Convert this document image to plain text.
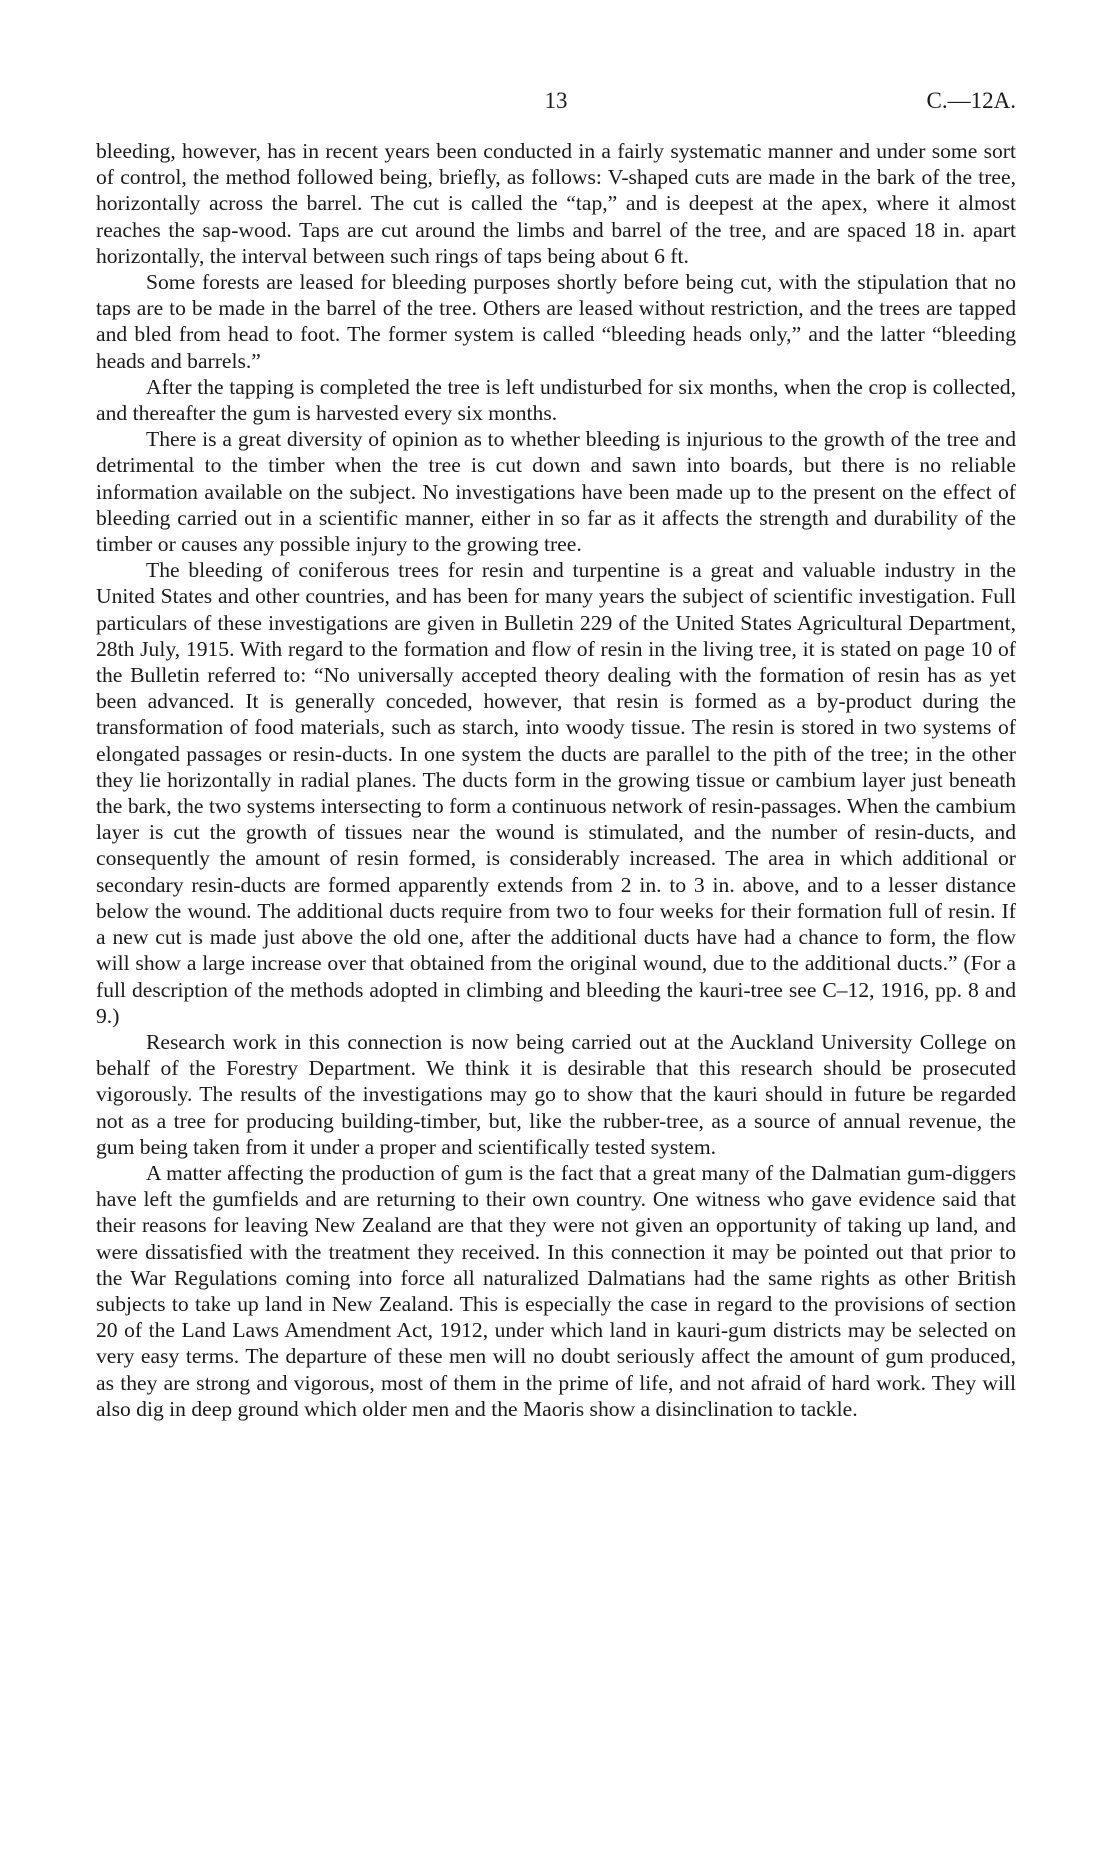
13	C.—12A.

bleeding, however, has in recent years been conducted in a fairly systematic manner and under some sort of control, the method followed being, briefly, as follows: V-shaped cuts are made in the bark of the tree, horizontally across the barrel. The cut is called the “tap,” and is deepest at the apex, where it almost reaches the sap-wood. Taps are cut around the limbs and barrel of the tree, and are spaced 18 in. apart horizontally, the interval between such rings of taps being about 6 ft.

Some forests are leased for bleeding purposes shortly before being cut, with the stipulation that no taps are to be made in the barrel of the tree. Others are leased without restriction, and the trees are tapped and bled from head to foot. The former system is called “bleeding heads only,” and the latter “bleeding heads and barrels.”

After the tapping is completed the tree is left undisturbed for six months, when the crop is collected, and thereafter the gum is harvested every six months.

There is a great diversity of opinion as to whether bleeding is injurious to the growth of the tree and detrimental to the timber when the tree is cut down and sawn into boards, but there is no reliable information available on the subject. No investigations have been made up to the present on the effect of bleeding carried out in a scientific manner, either in so far as it affects the strength and durability of the timber or causes any possible injury to the growing tree.

The bleeding of coniferous trees for resin and turpentine is a great and valuable industry in the United States and other countries, and has been for many years the subject of scientific investigation. Full particulars of these investigations are given in Bulletin 229 of the United States Agricultural Department, 28th July, 1915. With regard to the formation and flow of resin in the living tree, it is stated on page 10 of the Bulletin referred to: “No universally accepted theory dealing with the formation of resin has as yet been advanced. It is generally conceded, however, that resin is formed as a by-product during the transformation of food materials, such as starch, into woody tissue. The resin is stored in two systems of elongated passages or resin-ducts. In one system the ducts are parallel to the pith of the tree; in the other they lie horizontally in radial planes. The ducts form in the growing tissue or cambium layer just beneath the bark, the two systems intersecting to form a continuous network of resin-passages. When the cambium layer is cut the growth of tissues near the wound is stimulated, and the number of resin-ducts, and consequently the amount of resin formed, is considerably increased. The area in which additional or secondary resin-ducts are formed apparently extends from 2 in. to 3 in. above, and to a lesser distance below the wound. The additional ducts require from two to four weeks for their formation full of resin. If a new cut is made just above the old one, after the additional ducts have had a chance to form, the flow will show a large increase over that obtained from the original wound, due to the additional ducts.” (For a full description of the methods adopted in climbing and bleeding the kauri-tree see C–12, 1916, pp. 8 and 9.)

Research work in this connection is now being carried out at the Auckland University College on behalf of the Forestry Department. We think it is desirable that this research should be prosecuted vigorously. The results of the investigations may go to show that the kauri should in future be regarded not as a tree for producing building-timber, but, like the rubber-tree, as a source of annual revenue, the gum being taken from it under a proper and scientifically tested system.

A matter affecting the production of gum is the fact that a great many of the Dalmatian gum-diggers have left the gumfields and are returning to their own country. One witness who gave evidence said that their reasons for leaving New Zealand are that they were not given an opportunity of taking up land, and were dissatisfied with the treatment they received. In this connection it may be pointed out that prior to the War Regulations coming into force all naturalized Dalmatians had the same rights as other British subjects to take up land in New Zealand. This is especially the case in regard to the provisions of section 20 of the Land Laws Amendment Act, 1912, under which land in kauri-gum districts may be selected on very easy terms. The departure of these men will no doubt seriously affect the amount of gum produced, as they are strong and vigorous, most of them in the prime of life, and not afraid of hard work. They will also dig in deep ground which older men and the Maoris show a disinclination to tackle.
